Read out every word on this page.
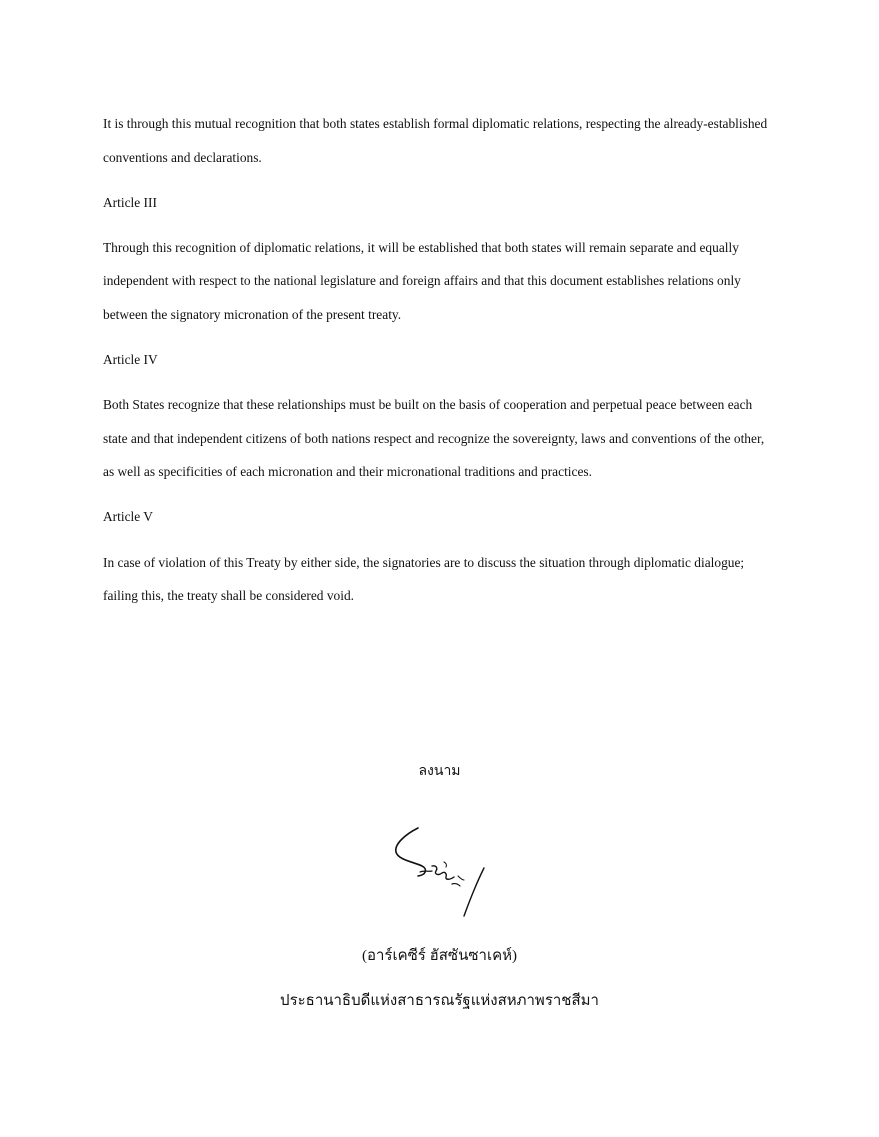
It is through this mutual recognition that both states establish formal diplomatic relations, respecting the already-established conventions and declarations.

Article III

Through this recognition of diplomatic relations, it will be established that both states will remain separate and equally independent with respect to the national legislature and foreign affairs and that this document establishes relations only between the signatory micronation of the present treaty.

Article IV

Both States recognize that these relationships must be built on the basis of cooperation and perpetual peace between each state and that independent citizens of both nations respect and recognize the sovereignty, laws and conventions of the other, as well as specificities of each micronation and their micronational traditions and practices.

Article V

In case of violation of this Treaty by either side, the signatories are to discuss the situation through diplomatic dialogue; failing this, the treaty shall be considered void.

ลงนาม
(อาร์เคซีร์ ฮัสซันซาเคห์)
ประธานาธิบดีแห่งสาธารณรัฐแห่งสหภาพราชสีมา
